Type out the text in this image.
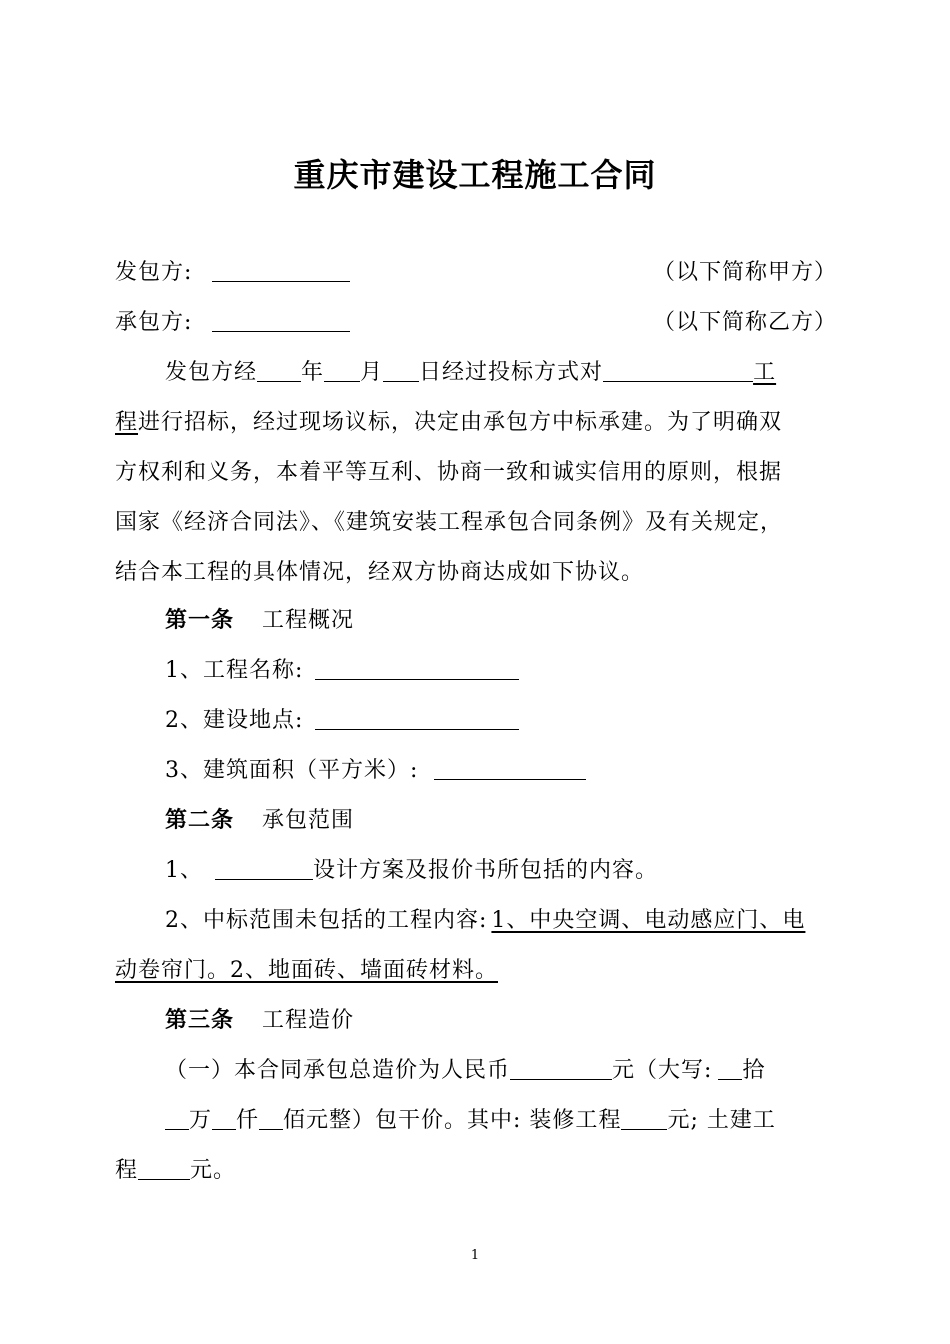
重庆市建设工程施工合同
发包方:	（以下简称甲方）
承包方:	（以下简称乙方）
发包方经 年 月 日经过投标方式对	工
程进行招标，经过现场议标，决定由承包方中标承建。为了明确双
方权利和义务，本着平等互利、协商一致和诚实信用的原则，根据
国家《经济合同法》、《建筑安装工程承包合同条例》及有关规定，
结合本工程的具体情况，经双方协商达成如下协议。
第一条 工程概况
1、工程名称:
2、建设地点:
3、建筑面积（平方米）:
第二条 承包范围
1、	设计方案及报价书所包括的内容。
2、中标范围未包括的工程内容: 1、中央空调、电动感应门、电
动卷帘门。2、地面砖、墙面砖材料。
第三条 工程造价
（一）本合同承包总造价为人民币	元（大写: 拾
万 仟 佰元整）包干价。其中: 装修工程 元; 土建工
程 元。
1
